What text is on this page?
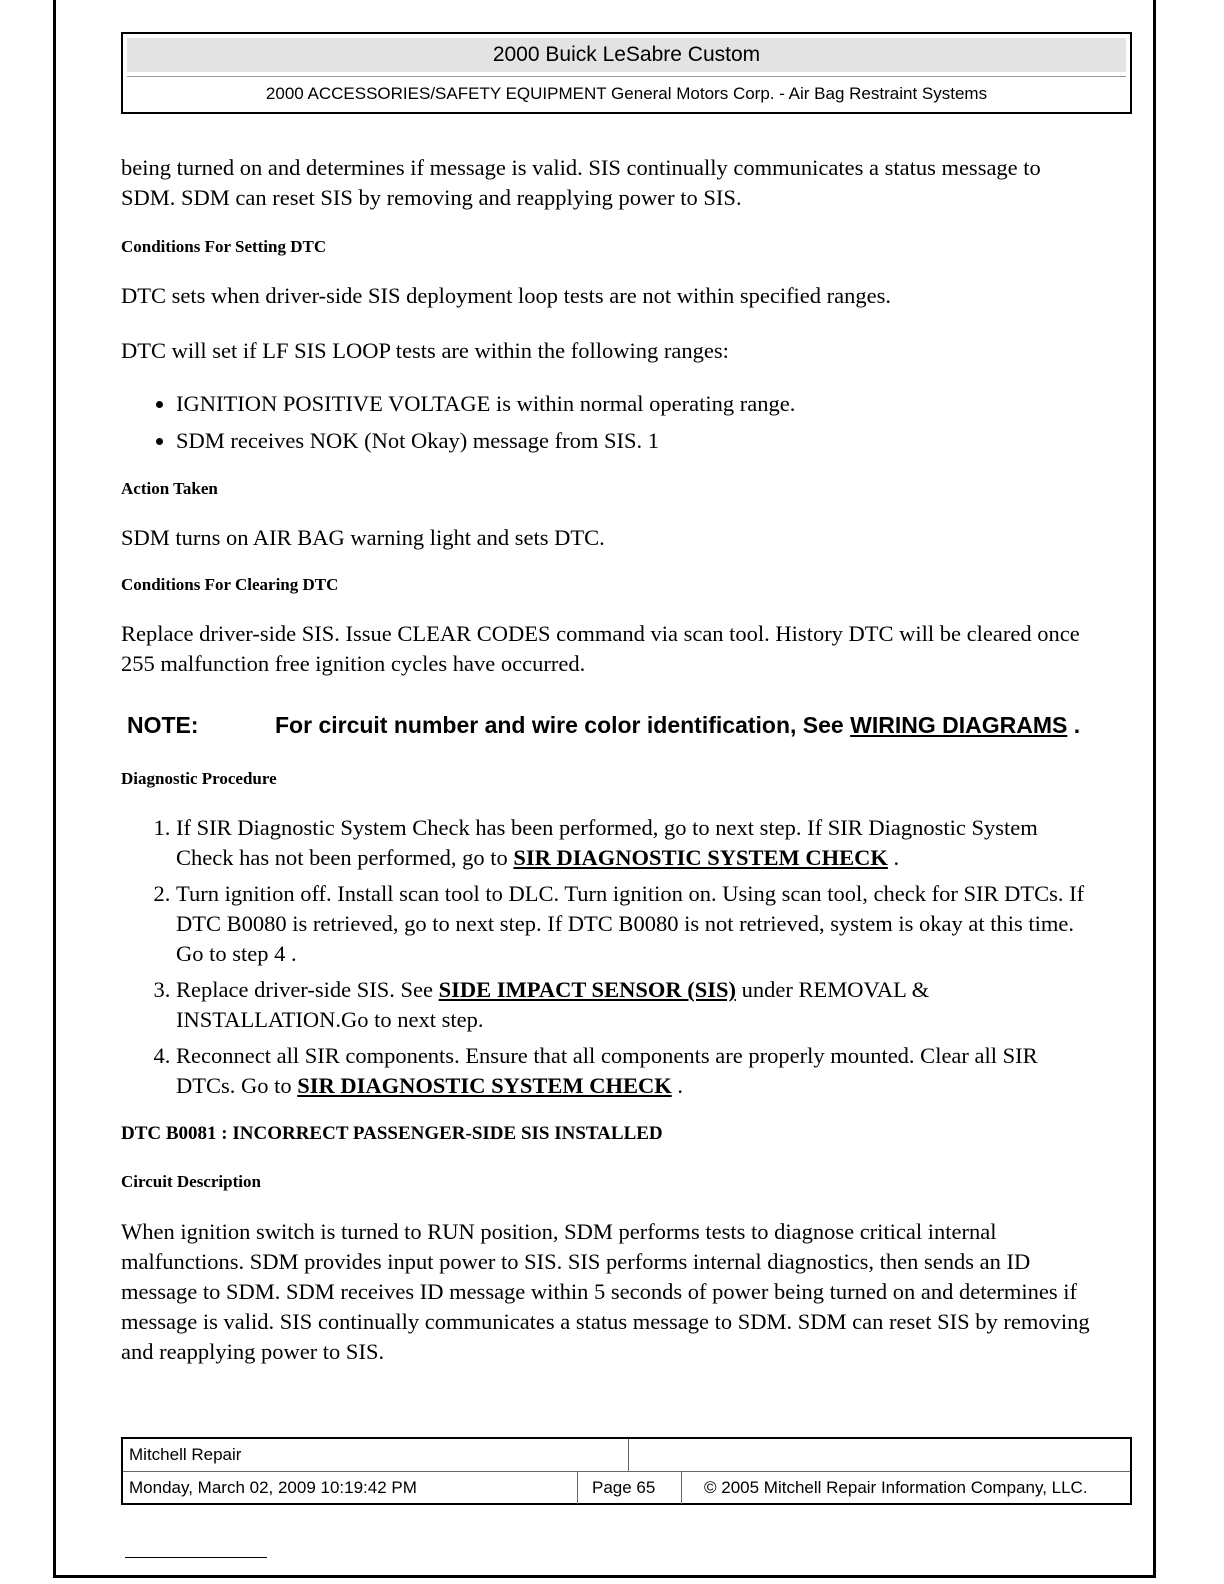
2000 Buick LeSabre Custom
2000 ACCESSORIES/SAFETY EQUIPMENT General Motors Corp. - Air Bag Restraint Systems

being turned on and determines if message is valid. SIS continually communicates a status message to SDM. SDM can reset SIS by removing and reapplying power to SIS.

Conditions For Setting DTC

DTC sets when driver-side SIS deployment loop tests are not within specified ranges.

DTC will set if LF SIS LOOP tests are within the following ranges:

• IGNITION POSITIVE VOLTAGE is within normal operating range.
• SDM receives NOK (Not Okay) message from SIS. 1

Action Taken

SDM turns on AIR BAG warning light and sets DTC.

Conditions For Clearing DTC

Replace driver-side SIS. Issue CLEAR CODES command via scan tool. History DTC will be cleared once 255 malfunction free ignition cycles have occurred.

NOTE:	For circuit number and wire color identification, See WIRING DIAGRAMS .

Diagnostic Procedure

1. If SIR Diagnostic System Check has been performed, go to next step. If SIR Diagnostic System Check has not been performed, go to SIR DIAGNOSTIC SYSTEM CHECK .
2. Turn ignition off. Install scan tool to DLC. Turn ignition on. Using scan tool, check for SIR DTCs. If DTC B0080 is retrieved, go to next step. If DTC B0080 is not retrieved, system is okay at this time. Go to step 4 .
3. Replace driver-side SIS. See SIDE IMPACT SENSOR (SIS) under REMOVAL & INSTALLATION.Go to next step.
4. Reconnect all SIR components. Ensure that all components are properly mounted. Clear all SIR DTCs. Go to SIR DIAGNOSTIC SYSTEM CHECK .

DTC B0081 : INCORRECT PASSENGER-SIDE SIS INSTALLED

Circuit Description

When ignition switch is turned to RUN position, SDM performs tests to diagnose critical internal malfunctions. SDM provides input power to SIS. SIS performs internal diagnostics, then sends an ID message to SDM. SDM receives ID message within 5 seconds of power being turned on and determines if message is valid. SIS continually communicates a status message to SDM. SDM can reset SIS by removing and reapplying power to SIS.

Mitchell Repair
Monday, March 02, 2009 10:19:42 PM	Page 65	© 2005 Mitchell Repair Information Company, LLC.
